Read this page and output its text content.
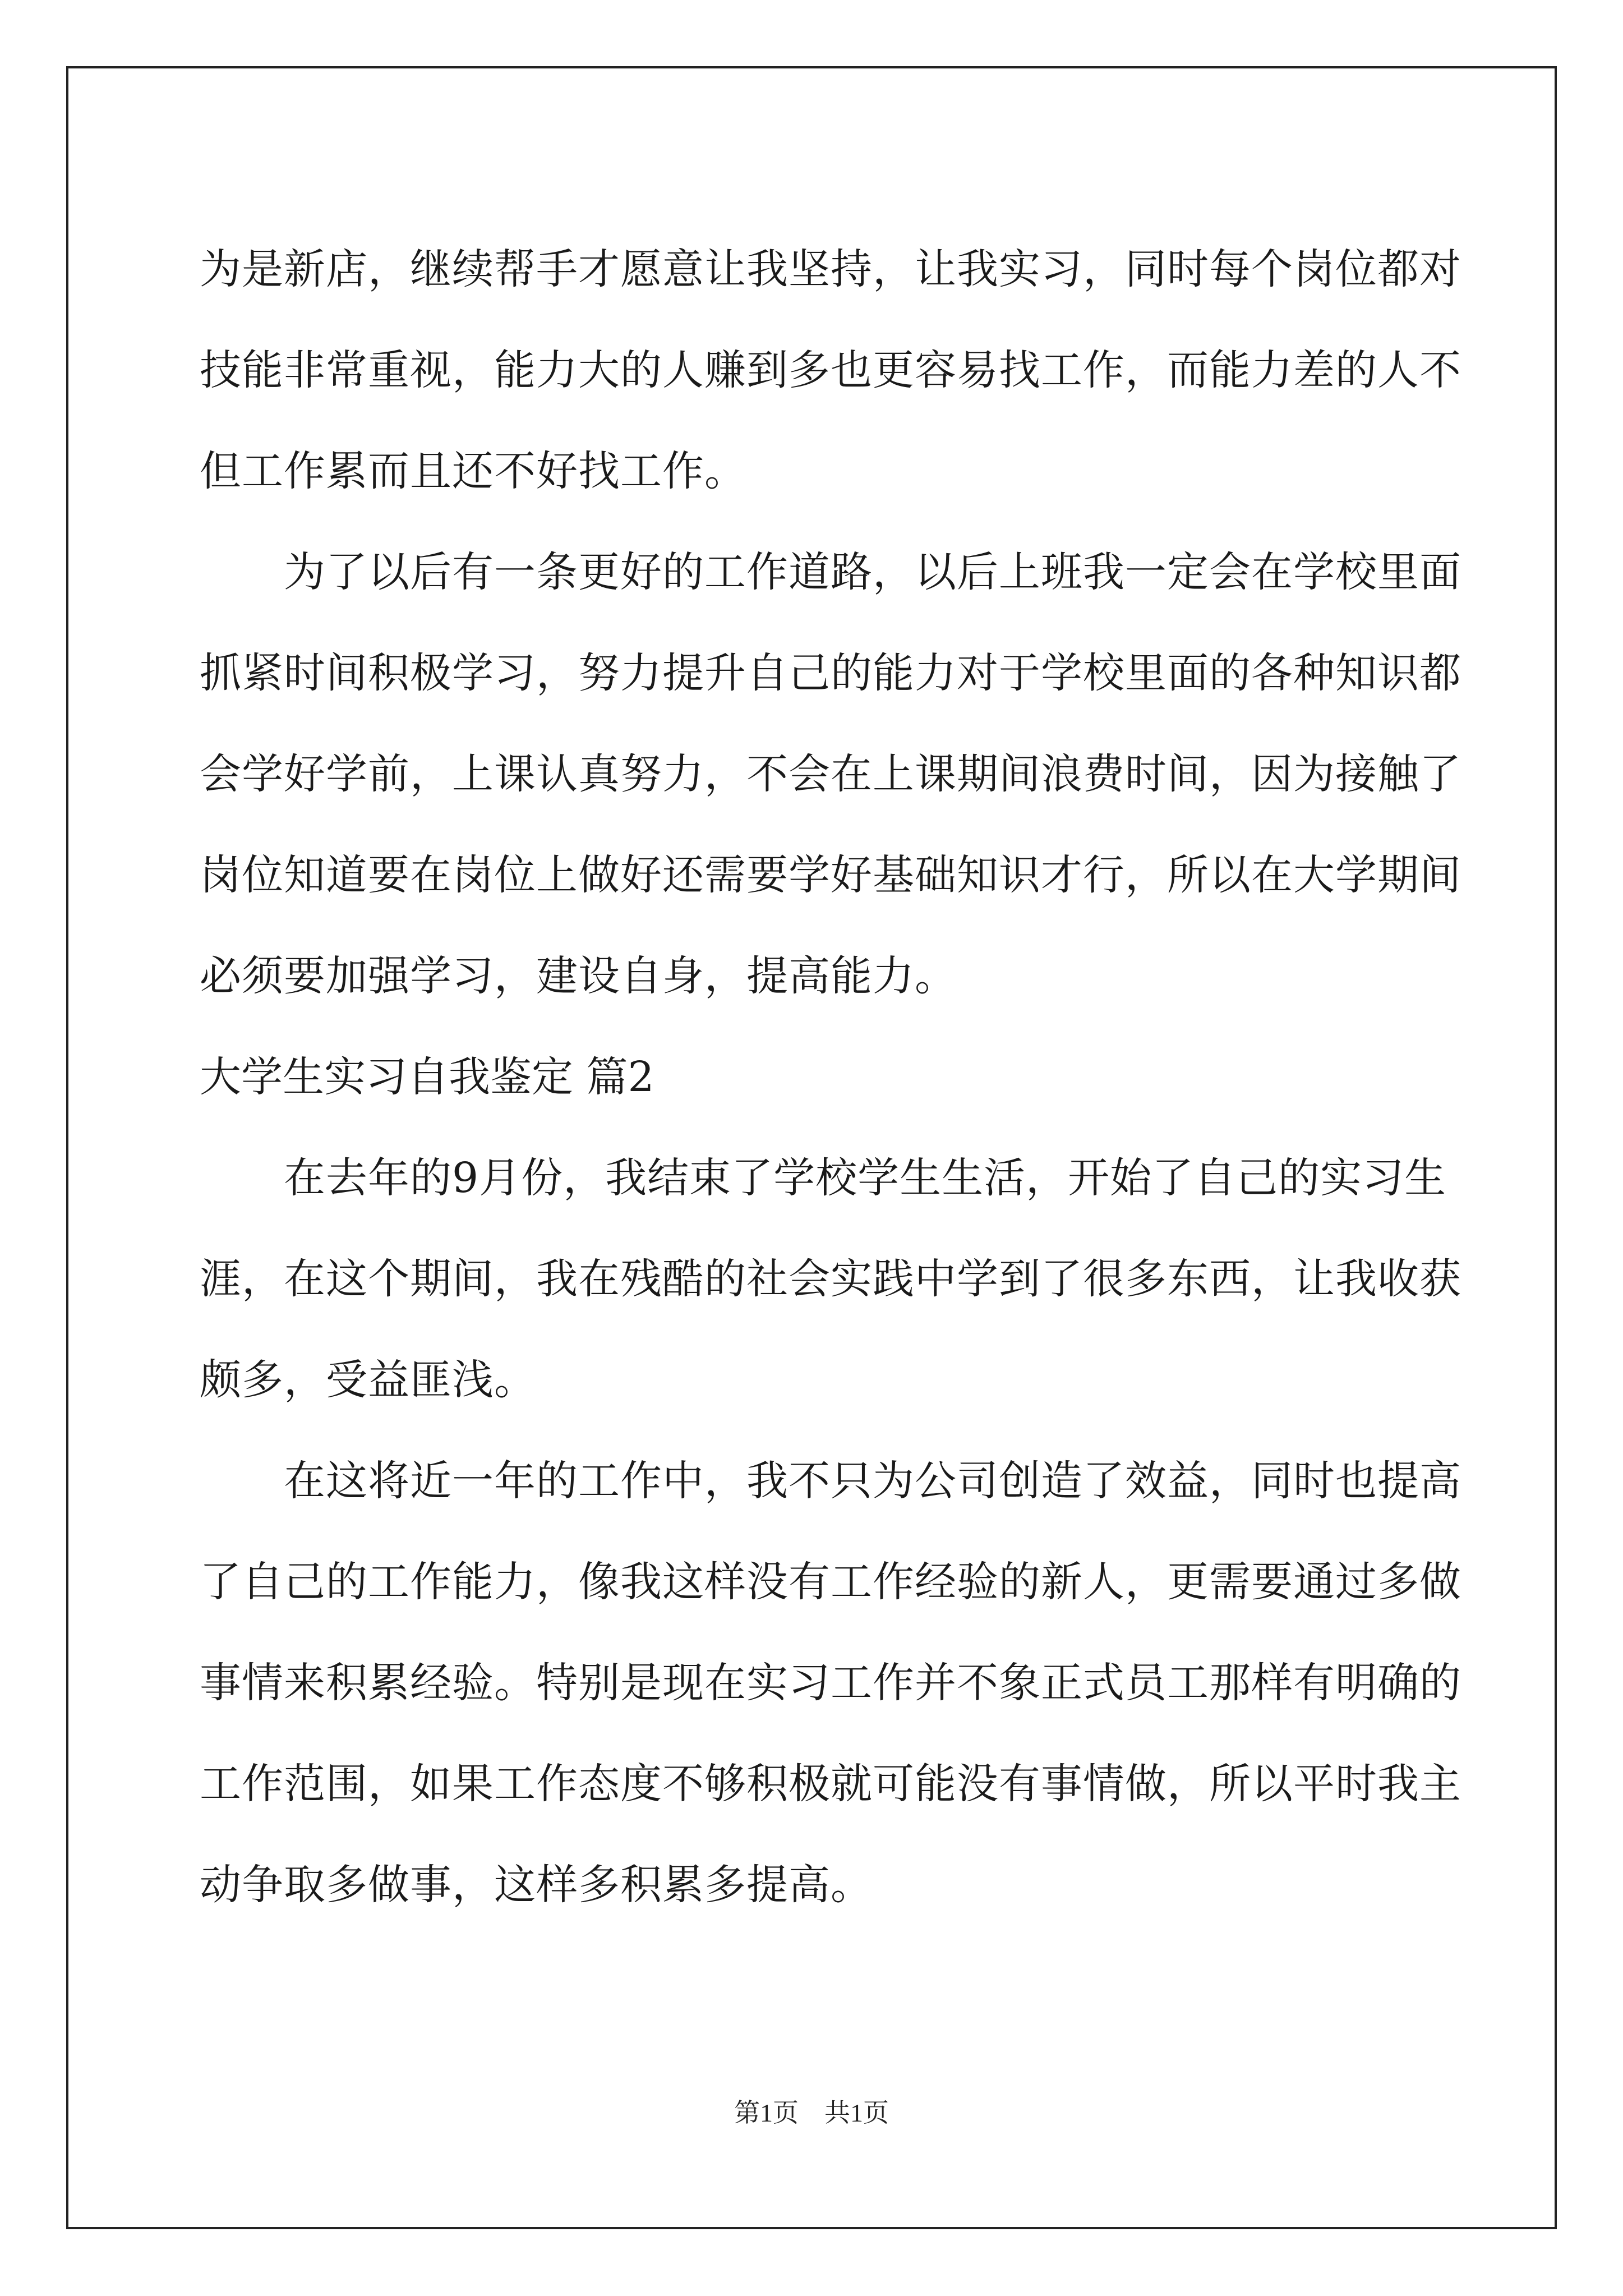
为是新店，继续帮手才愿意让我坚持，让我实习，同时每个岗位都对

技能非常重视，能力大的人赚到多也更容易找工作，而能力差的人不

但工作累而且还不好找工作。

为了以后有一条更好的工作道路，以后上班我一定会在学校里面

抓紧时间积极学习，努力提升自己的能力对于学校里面的各种知识都

会学好学前，上课认真努力，不会在上课期间浪费时间，因为接触了

岗位知道要在岗位上做好还需要学好基础知识才行，所以在大学期间

必须要加强学习，建设自身，提高能力。

大学生实习自我鉴定 篇2

在去年的9月份，我结束了学校学生生活，开始了自己的实习生

涯，在这个期间，我在残酷的社会实践中学到了很多东西，让我收获

颇多，受益匪浅。

在这将近一年的工作中，我不只为公司创造了效益，同时也提高

了自己的工作能力，像我这样没有工作经验的新人，更需要通过多做

事情来积累经验。特别是现在实习工作并不象正式员工那样有明确的

工作范围，如果工作态度不够积极就可能没有事情做，所以平时我主

动争取多做事，这样多积累多提高。

第1页　共1页
